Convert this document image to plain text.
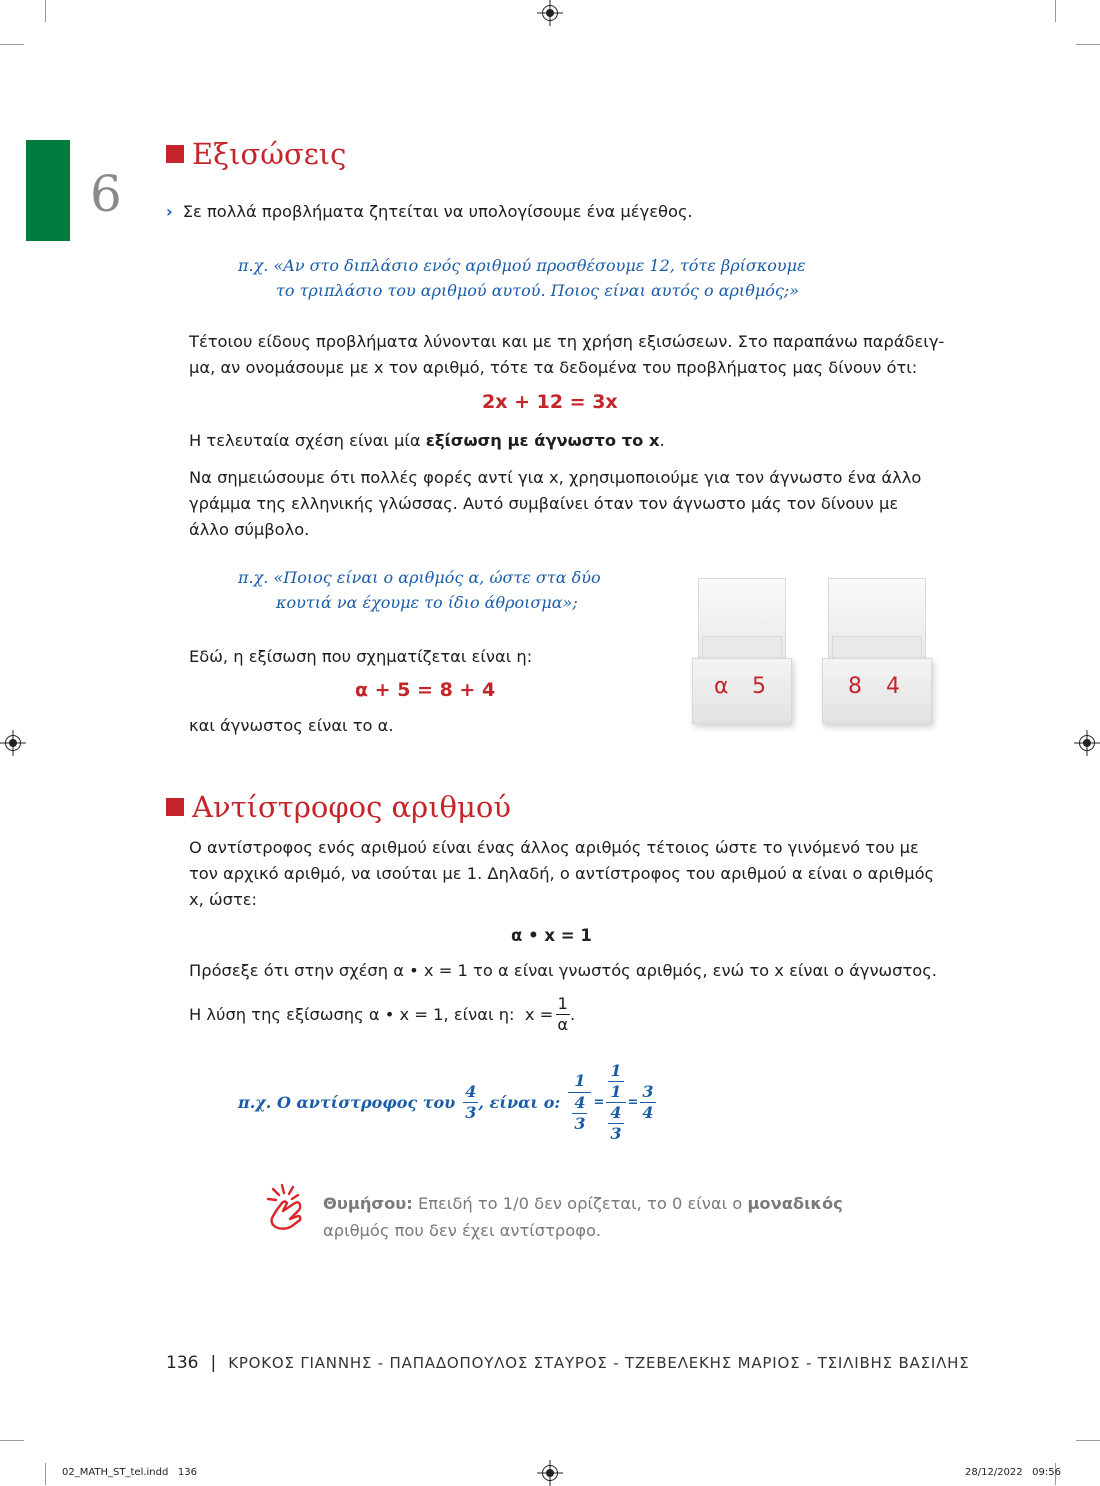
6
Εξισώσεις
› Σε πολλά προβλήματα ζητείται να υπολογίσουμε ένα μέγεθος.
π.χ. «Αν στο διπλάσιο ενός αριθμού προσθέσουμε 12, τότε βρίσκουμε
το τριπλάσιο του αριθμού αυτού. Ποιος είναι αυτός ο αριθμός;»
Τέτοιου είδους προβλήματα λύνονται και με τη χρήση εξισώσεων. Στο παραπάνω παράδειγ-
μα, αν ονομάσουμε με x τον αριθμό, τότε τα δεδομένα του προβλήματος μας δίνουν ότι:
2x + 12 = 3x
Η τελευταία σχέση είναι μία εξίσωση με άγνωστο το x.
Να σημειώσουμε ότι πολλές φορές αντί για x, χρησιμοποιούμε για τον άγνωστο ένα άλλο
γράμμα της ελληνικής γλώσσας. Αυτό συμβαίνει όταν τον άγνωστο μάς τον δίνουν με
άλλο σύμβολο.
π.χ. «Ποιος είναι ο αριθμός α, ώστε στα δύο
κουτιά να έχουμε το ίδιο άθροισμα»;
Εδώ, η εξίσωση που σχηματίζεται είναι η:
α + 5 = 8 + 4
και άγνωστος είναι το α.
α 5	8 4
Αντίστροφος αριθμού
Ο αντίστροφος ενός αριθμού είναι ένας άλλος αριθμός τέτοιος ώστε το γινόμενό του με
τον αρχικό αριθμό, να ισούται με 1. Δηλαδή, ο αντίστροφος του αριθμού α είναι ο αριθμός
x, ώστε:
α • x = 1
Πρόσεξε ότι στην σχέση α • x = 1 το α είναι γνωστός αριθμός, ενώ το x είναι ο άγνωστος.
Η λύση της εξίσωσης α • x = 1, είναι η:  $x = \frac{1}{\alpha}$ .
π.χ. Ο αντίστροφος του $\frac{4}{3}$ , είναι ο: $\frac{1}{\frac{4}{3}} = \frac{\frac{1}{1}}{\frac{4}{3}} = \frac{3}{4}$
Θυμήσου: Επειδή το 1/0 δεν ορίζεται, το 0 είναι ο μοναδικός
αριθμός που δεν έχει αντίστροφο.
136 | ΚΡΟΚΟΣ ΓΙΑΝΝΗΣ - ΠΑΠΑΔΟΠΟΥΛΟΣ ΣΤΑΥΡΟΣ - ΤΖΕΒΕΛΕΚΗΣ ΜΑΡΙΟΣ - ΤΣΙΛΙΒΗΣ ΒΑΣΙΛΗΣ
02_MATH_ST_tel.indd   136	28/12/2022   09:56
